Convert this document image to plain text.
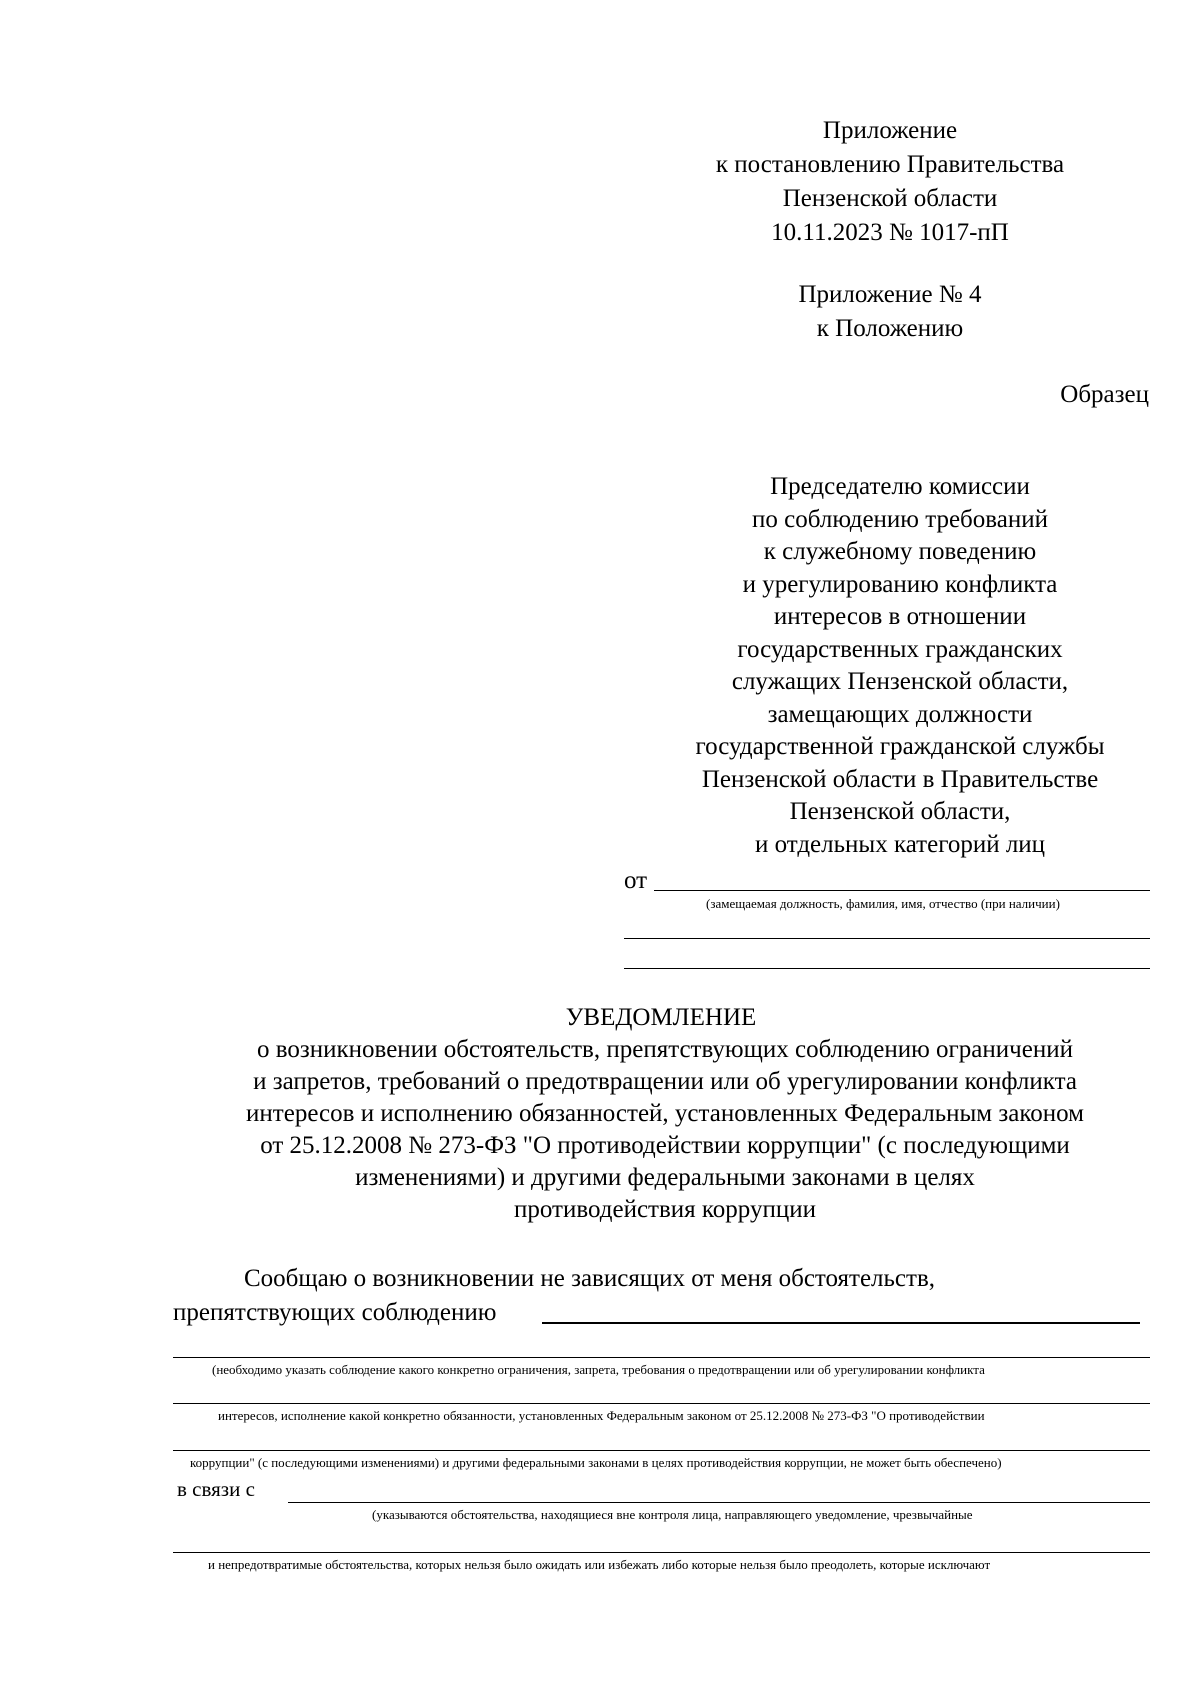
Приложение
к постановлению Правительства
Пензенской области
10.11.2023 № 1017-пП
Приложение № 4
к Положению
Образец
Председателю комиссии
по соблюдению требований
к служебному поведению
и урегулированию конфликта
интересов в отношении
государственных гражданских
служащих Пензенской области,
замещающих должности
государственной гражданской службы
Пензенской области в Правительстве
Пензенской области,
и отдельных категорий лиц
от
(замещаемая должность, фамилия, имя, отчество (при наличии)
УВЕДОМЛЕНИЕ
о возникновении обстоятельств, препятствующих соблюдению ограничений
и запретов, требований о предотвращении или об урегулировании конфликта
интересов и исполнению обязанностей, установленных Федеральным законом
от 25.12.2008 № 273-ФЗ "О противодействии коррупции" (с последующими
изменениями) и другими федеральными законами в целях
противодействия коррупции
Сообщаю о возникновении не зависящих от меня обстоятельств,
препятствующих соблюдению
(необходимо указать соблюдение какого конкретно ограничения, запрета, требования о предотвращении или об урегулировании конфликта
интересов, исполнение какой конкретно обязанности, установленных Федеральным законом от 25.12.2008 № 273-ФЗ "О противодействии
коррупции" (с последующими изменениями) и другими федеральными законами в целях противодействия коррупции, не может быть обеспечено)
в связи с
(указываются обстоятельства, находящиеся вне контроля лица, направляющего уведомление, чрезвычайные
и непредотвратимые обстоятельства, которых нельзя было ожидать или избежать либо которые нельзя было преодолеть, которые исключают
